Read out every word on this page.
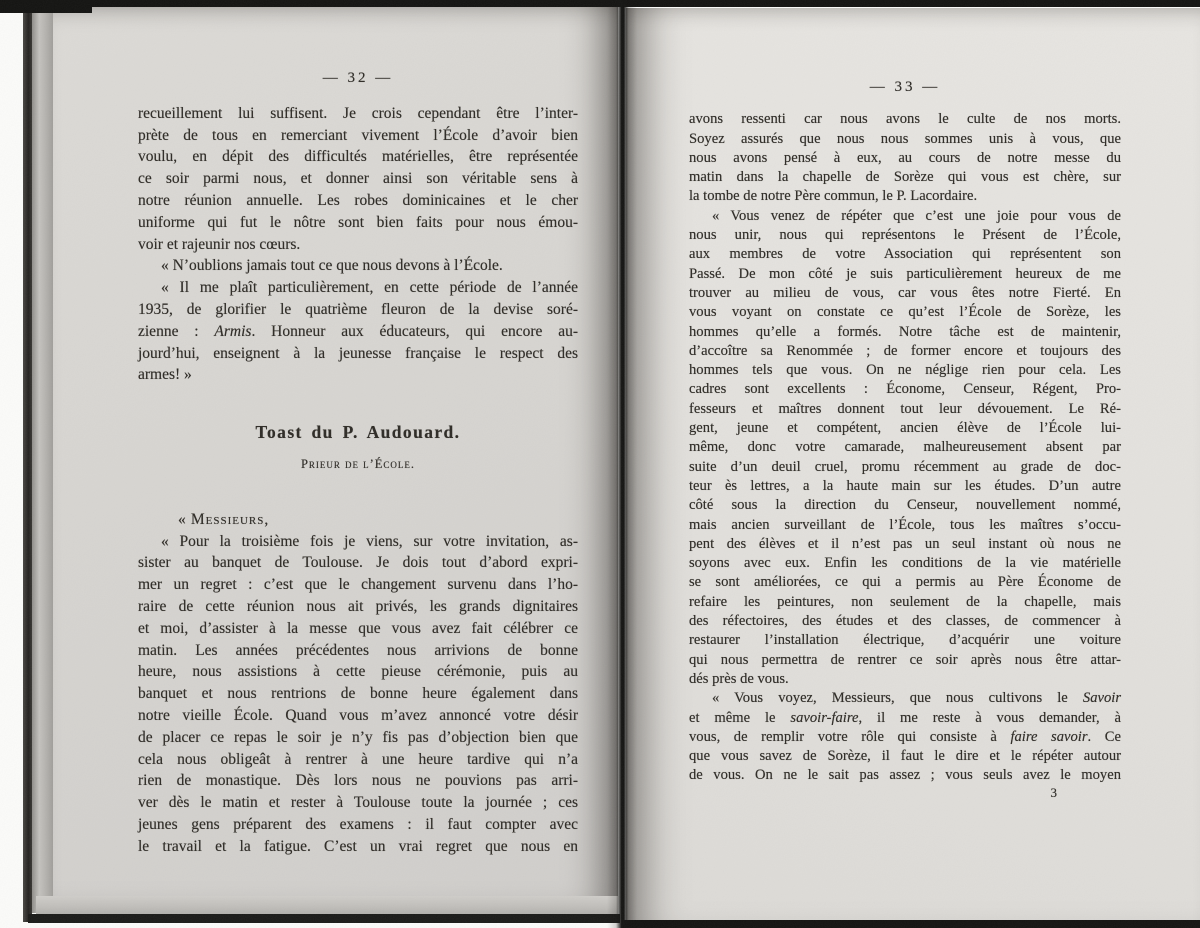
— 32 —
recueillement lui suffisent. Je crois cependant être l’inter-
prète de tous en remerciant vivement l’École d’avoir bien
voulu, en dépit des difficultés matérielles, être représentée
ce soir parmi nous, et donner ainsi son véritable sens à
notre réunion annuelle. Les robes dominicaines et le cher
uniforme qui fut le nôtre sont bien faits pour nous émou-
voir et rajeunir nos cœurs.
« N’oublions jamais tout ce que nous devons à l’École.
« Il me plaît particulièrement, en cette période de l’année
1935, de glorifier le quatrième fleuron de la devise soré-
zienne : Armis. Honneur aux éducateurs, qui encore au-
jourd’hui, enseignent à la jeunesse française le respect des
armes! »
Toast du P. Audouard.
Prieur de l’École.
« Messieurs,
« Pour la troisième fois je viens, sur votre invitation, as-
sister au banquet de Toulouse. Je dois tout d’abord expri-
mer un regret : c’est que le changement survenu dans l’ho-
raire de cette réunion nous ait privés, les grands dignitaires
et moi, d’assister à la messe que vous avez fait célébrer ce
matin. Les années précédentes nous arrivions de bonne
heure, nous assistions à cette pieuse cérémonie, puis au
banquet et nous rentrions de bonne heure également dans
notre vieille École. Quand vous m’avez annoncé votre désir
de placer ce repas le soir je n’y fis pas d’objection bien que
cela nous obligeât à rentrer à une heure tardive qui n’a
rien de monastique. Dès lors nous ne pouvions pas arri-
ver dès le matin et rester à Toulouse toute la journée ; ces
jeunes gens préparent des examens : il faut compter avec
le travail et la fatigue. C’est un vrai regret que nous en
— 33 —
avons ressenti car nous avons le culte de nos morts.
Soyez assurés que nous nous sommes unis à vous, que
nous avons pensé à eux, au cours de notre messe du
matin dans la chapelle de Sorèze qui vous est chère, sur
la tombe de notre Père commun, le P. Lacordaire.
« Vous venez de répéter que c’est une joie pour vous de
nous unir, nous qui représentons le Présent de l’École,
aux membres de votre Association qui représentent son
Passé. De mon côté je suis particulièrement heureux de me
trouver au milieu de vous, car vous êtes notre Fierté. En
vous voyant on constate ce qu’est l’École de Sorèze, les
hommes qu’elle a formés. Notre tâche est de maintenir,
d’accoître sa Renommée ; de former encore et toujours des
hommes tels que vous. On ne néglige rien pour cela. Les
cadres sont excellents : Économe, Censeur, Régent, Pro-
fesseurs et maîtres donnent tout leur dévouement. Le Ré-
gent, jeune et compétent, ancien élève de l’École lui-
même, donc votre camarade, malheureusement absent par
suite d’un deuil cruel, promu récemment au grade de doc-
teur ès lettres, a la haute main sur les études. D’un autre
côté sous la direction du Censeur, nouvellement nommé,
mais ancien surveillant de l’École, tous les maîtres s’occu-
pent des élèves et il n’est pas un seul instant où nous ne
soyons avec eux. Enfin les conditions de la vie matérielle
se sont améliorées, ce qui a permis au Père Économe de
refaire les peintures, non seulement de la chapelle, mais
des réfectoires, des études et des classes, de commencer à
restaurer l’installation électrique, d’acquérir une voiture
qui nous permettra de rentrer ce soir après nous être attar-
dés près de vous.
« Vous voyez, Messieurs, que nous cultivons le Savoir
et même le savoir-faire, il me reste à vous demander, à
vous, de remplir votre rôle qui consiste à faire savoir. Ce
que vous savez de Sorèze, il faut le dire et le répéter autour
de vous. On ne le sait pas assez ; vous seuls avez le moyen
3
